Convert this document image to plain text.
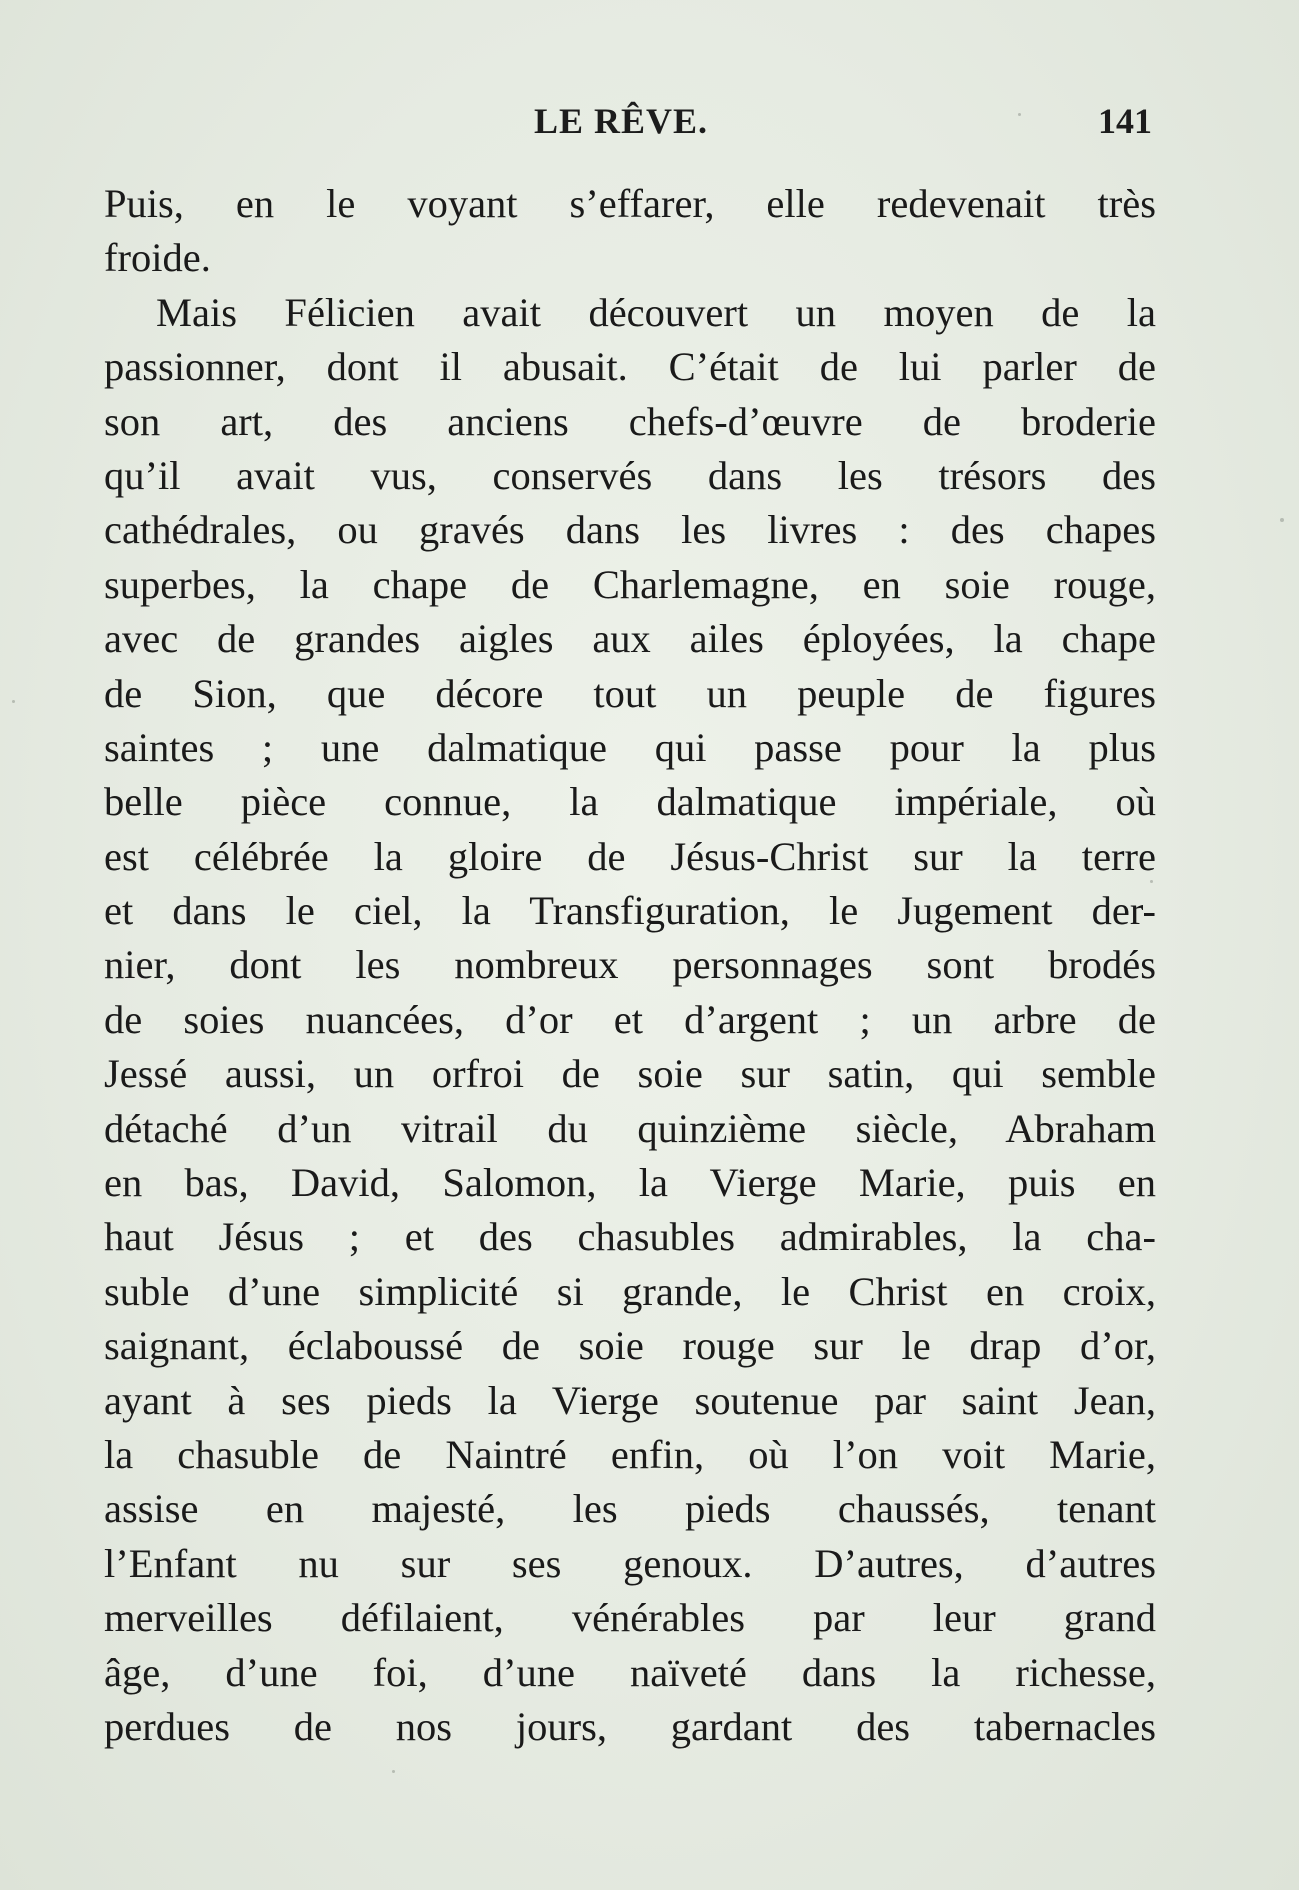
LE RÊVE.	141
Puis, en le voyant s’effarer, elle redevenait très
froide.
Mais Félicien avait découvert un moyen de la
passionner, dont il abusait. C’était de lui parler de
son art, des anciens chefs-d’œuvre de broderie
qu’il avait vus, conservés dans les trésors des
cathédrales, ou gravés dans les livres : des chapes
superbes, la chape de Charlemagne, en soie rouge,
avec de grandes aigles aux ailes éployées, la chape
de Sion, que décore tout un peuple de figures
saintes ; une dalmatique qui passe pour la plus
belle pièce connue, la dalmatique impériale, où
est célébrée la gloire de Jésus-Christ sur la terre
et dans le ciel, la Transfiguration, le Jugement der-
nier, dont les nombreux personnages sont brodés
de soies nuancées, d’or et d’argent ; un arbre de
Jessé aussi, un orfroi de soie sur satin, qui semble
détaché d’un vitrail du quinzième siècle, Abraham
en bas, David, Salomon, la Vierge Marie, puis en
haut Jésus ; et des chasubles admirables, la cha-
suble d’une simplicité si grande, le Christ en croix,
saignant, éclaboussé de soie rouge sur le drap d’or,
ayant à ses pieds la Vierge soutenue par saint Jean,
la chasuble de Naintré enfin, où l’on voit Marie,
assise en majesté, les pieds chaussés, tenant
l’Enfant nu sur ses genoux. D’autres, d’autres
merveilles défilaient, vénérables par leur grand
âge, d’une foi, d’une naïveté dans la richesse,
perdues de nos jours, gardant des tabernacles
